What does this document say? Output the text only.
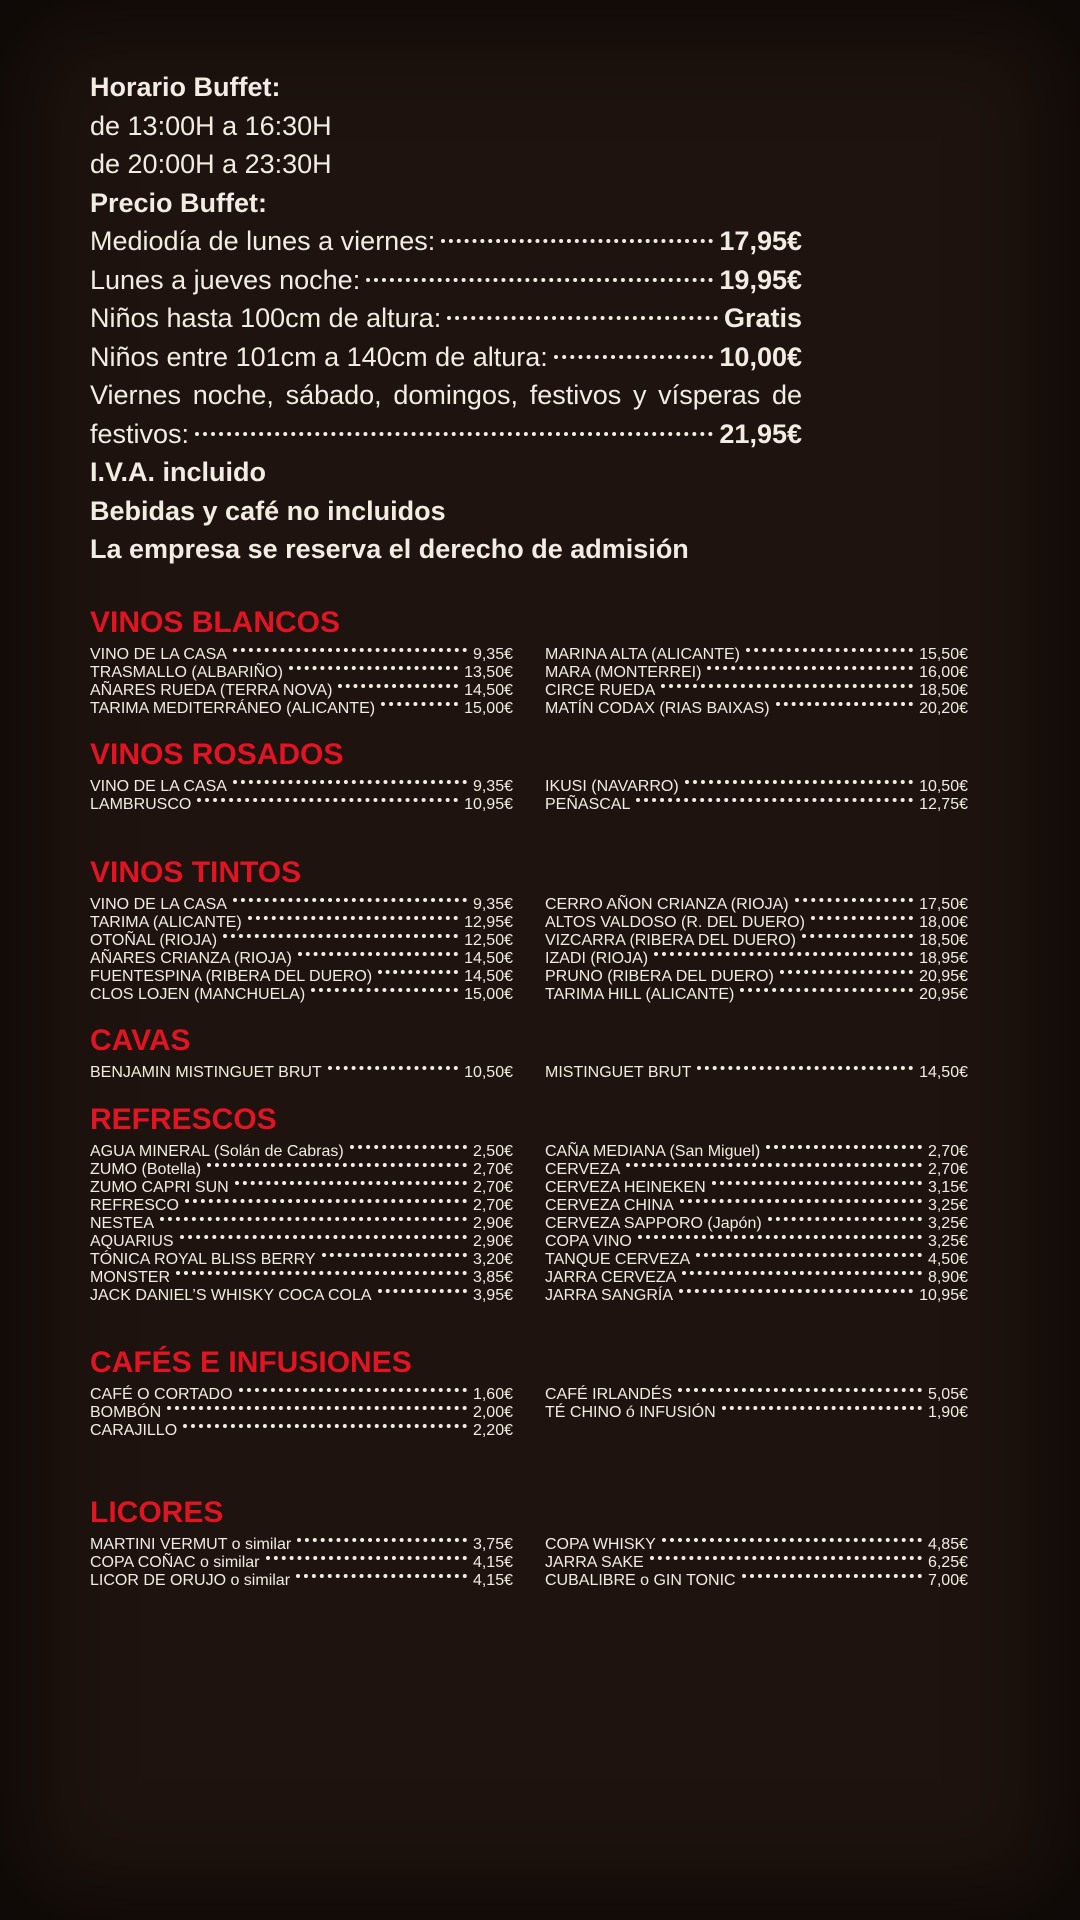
Horario Buffet:

de 13:00H a 16:30H

de 20:00H a 23:30H

Precio Buffet:

Mediodía de lunes a viernes:	17,95€
Lunes a jueves noche:	19,95€
Niños hasta 100cm de altura:	Gratis
Niños entre 101cm a 140cm de altura:	10,00€

Viernes noche, sábado, domingos, festivos y vísperas de

festivos:	21,95€

I.V.A. incluido

Bebidas y café no incluidos

La empresa se reserva el derecho de admisión

VINOS BLANCOS
VINO DE LA CASA	9,35€
TRASMALLO (ALBARIÑO)	13,50€
AÑARES RUEDA (TERRA NOVA)	14,50€
TARIMA MEDITERRÁNEO (ALICANTE)	15,00€
MARINA ALTA (ALICANTE)	15,50€
MARA (MONTERREI)	16,00€
CIRCE RUEDA	18,50€
MATÍN CODAX (RIAS BAIXAS)	20,20€
VINOS ROSADOS
VINO DE LA CASA	9,35€
LAMBRUSCO	10,95€
IKUSI (NAVARRO)	10,50€
PEÑASCAL	12,75€
VINOS TINTOS
VINO DE LA CASA	9,35€
TARIMA (ALICANTE)	12,95€
OTOÑAL (RIOJA)	12,50€
AÑARES CRIANZA (RIOJA)	14,50€
FUENTESPINA (RIBERA DEL DUERO)	14,50€
CLOS LOJEN (MANCHUELA)	15,00€
CERRO AÑON CRIANZA (RIOJA)	17,50€
ALTOS VALDOSO (R. DEL DUERO)	18,00€
VIZCARRA (RIBERA DEL DUERO)	18,50€
IZADI (RIOJA)	18,95€
PRUNO (RIBERA DEL DUERO)	20,95€
TARIMA HILL (ALICANTE)	20,95€
CAVAS
BENJAMIN MISTINGUET BRUT	10,50€ MISTINGUET BRUT	14,50€
REFRESCOS
AGUA MINERAL (Solán de Cabras)	2,50€
ZUMO (Botella)	2,70€
ZUMO CAPRI SUN	2,70€
REFRESCO	2,70€
NESTEA	2,90€
AQUARIUS	2,90€
TÓNICA ROYAL BLISS BERRY	3,20€
MONSTER	3,85€
JACK DANIEL’S WHISKY COCA COLA	3,95€
CAÑA MEDIANA (San Miguel)	2,70€
CERVEZA	2,70€
CERVEZA HEINEKEN	3,15€
CERVEZA CHINA	3,25€
CERVEZA SAPPORO (Japón)	3,25€
COPA VINO	3,25€
TANQUE CERVEZA	4,50€
JARRA CERVEZA	8,90€
JARRA SANGRÍA	10,95€
CAFÉS E INFUSIONES
CAFÉ O CORTADO	1,60€
BOMBÓN	2,00€
CARAJILLO	2,20€
CAFÉ IRLANDÉS	5,05€
TÉ CHINO ó INFUSIÓN	1,90€
LICORES
MARTINI VERMUT o similar	3,75€
COPA COÑAC o similar	4,15€
LICOR DE ORUJO o similar	4,15€
COPA WHISKY	4,85€
JARRA SAKE	6,25€
CUBALIBRE o GIN TONIC	7,00€
